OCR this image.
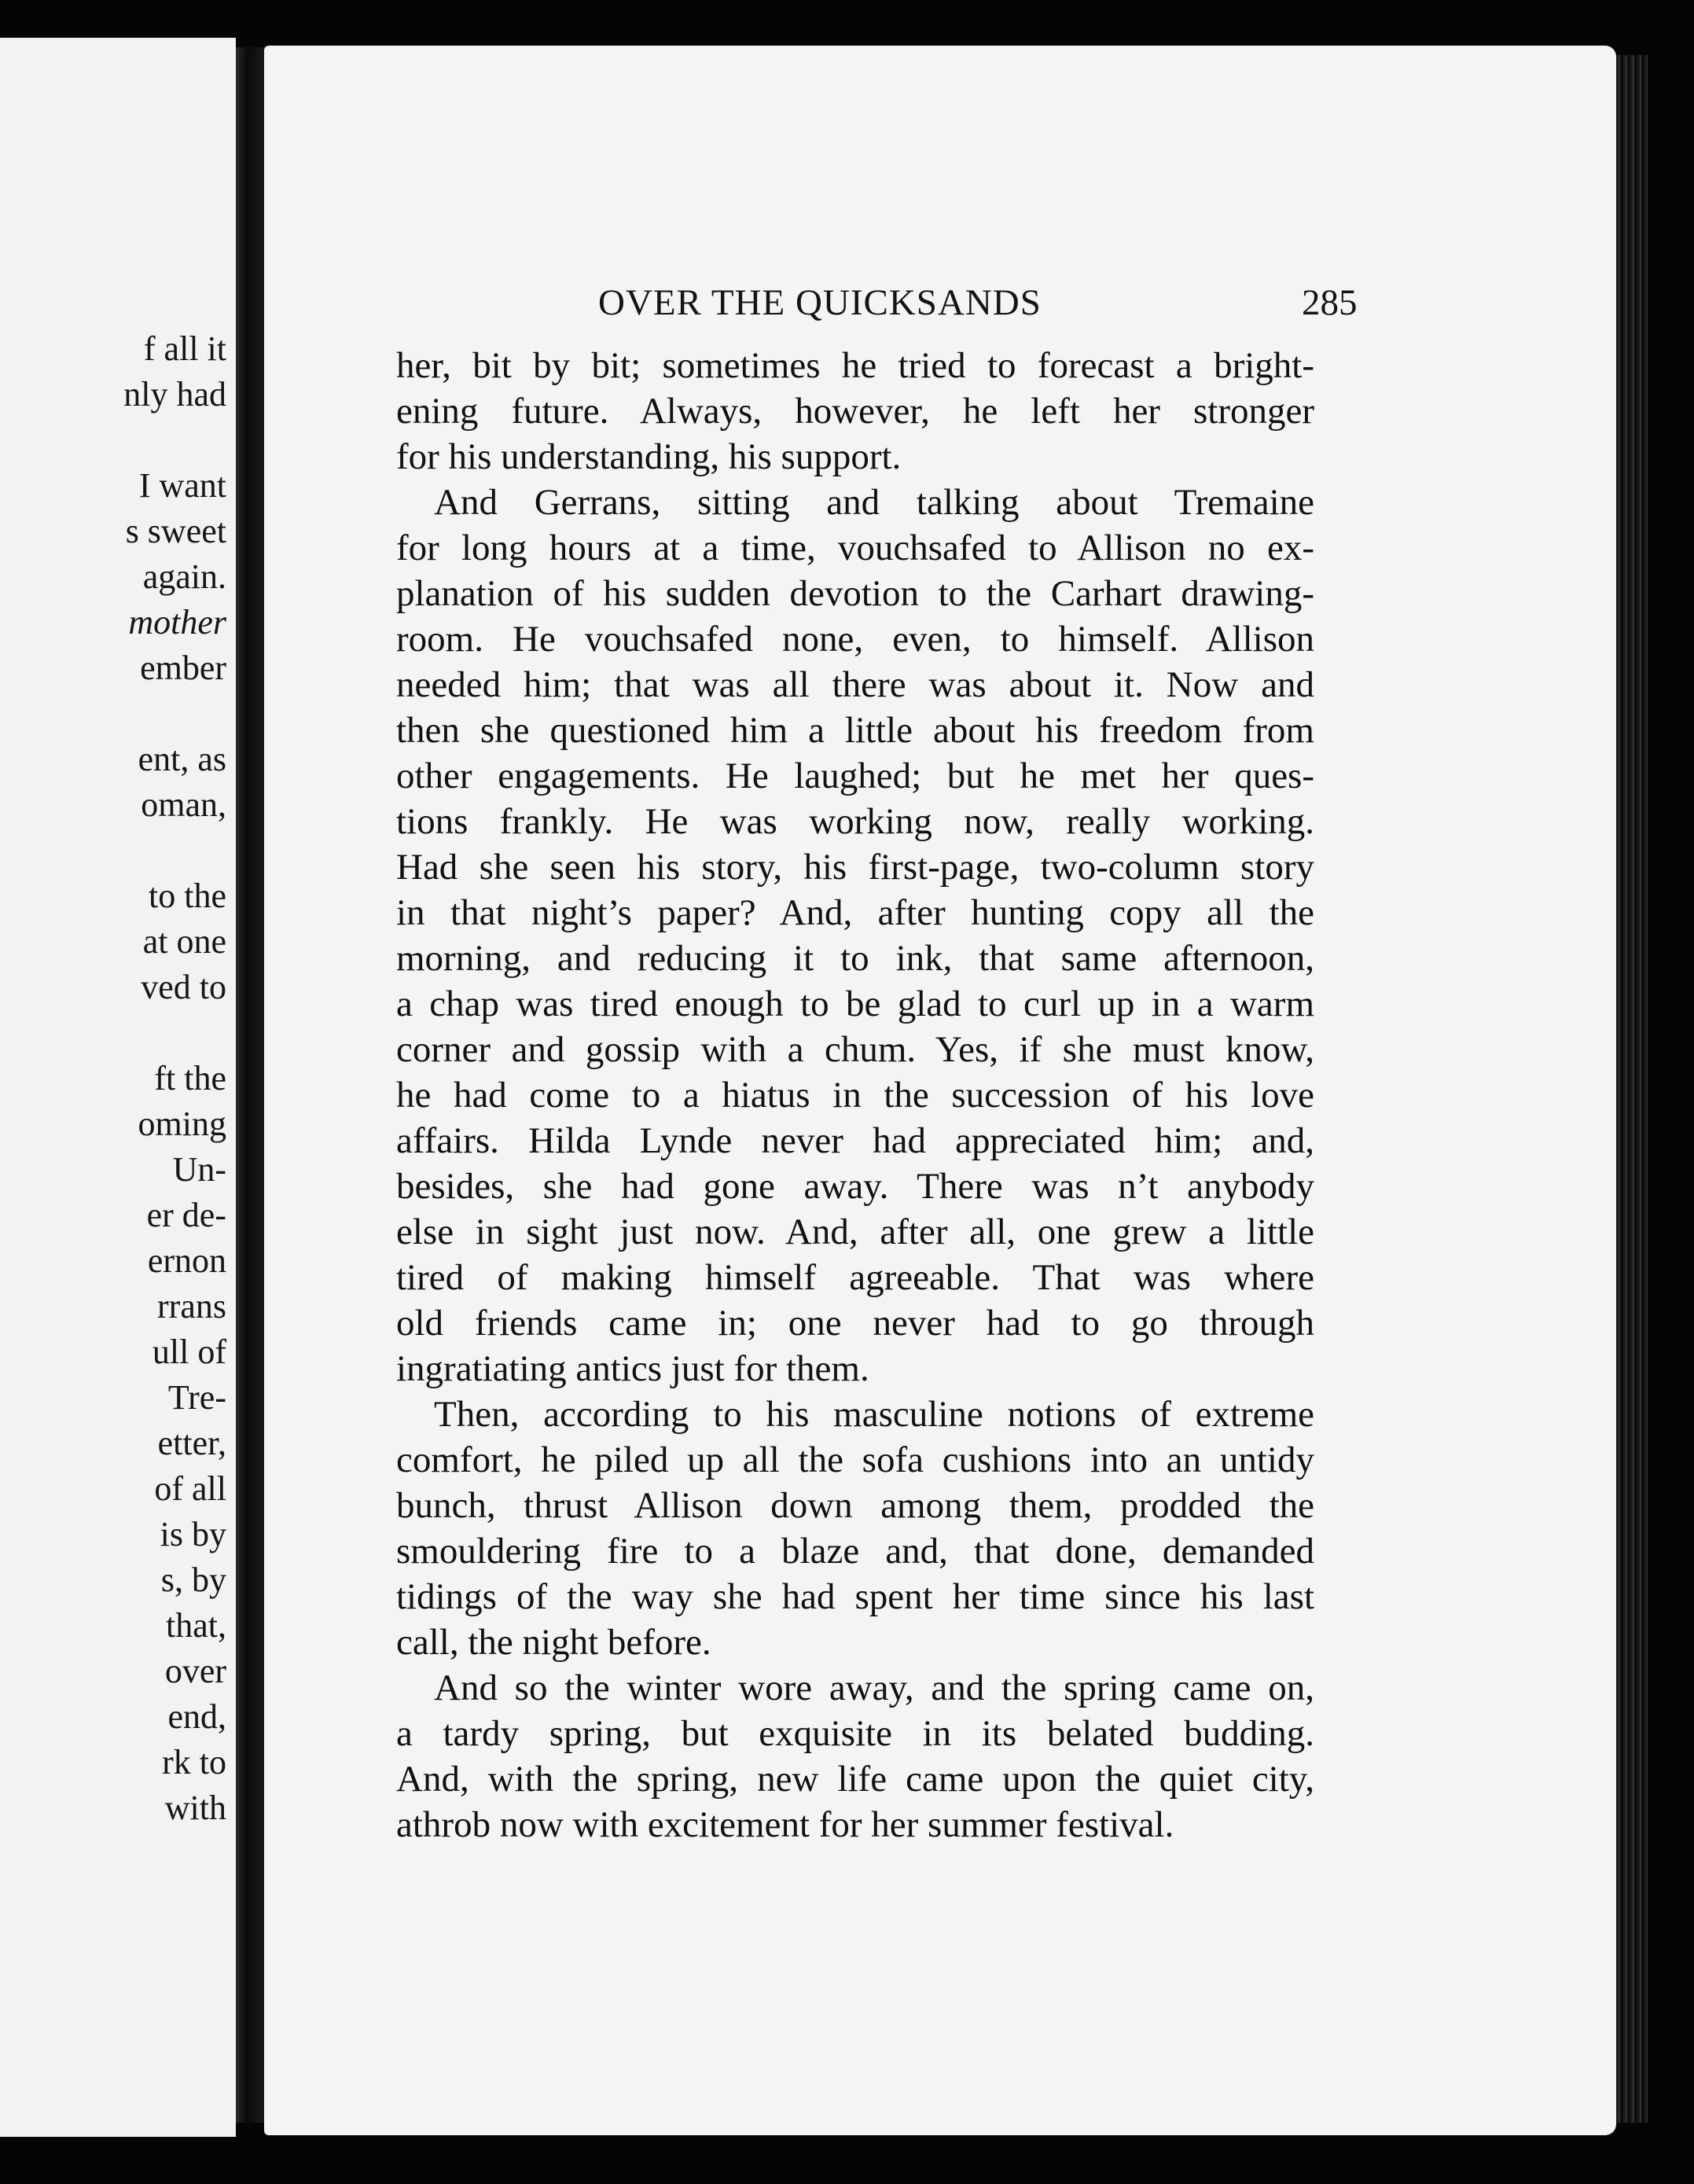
f all it
nly had
I want
s sweet
again.
mother
ember
ent, as
oman,
to the
at one
ved to
ft the
oming
Un-
er de-
ernon
rrans
ull of
Tre-
etter,
of all
is by
s, by
that,
over
end,
rk to
with
OVER THE QUICKSANDS	285
her, bit by bit; sometimes he tried to forecast a bright-
ening future. Always, however, he left her stronger
for his understanding, his support.
And Gerrans, sitting and talking about Tremaine
for long hours at a time, vouchsafed to Allison no ex-
planation of his sudden devotion to the Carhart drawing-
room. He vouchsafed none, even, to himself. Allison
needed him; that was all there was about it. Now and
then she questioned him a little about his freedom from
other engagements. He laughed; but he met her ques-
tions frankly. He was working now, really working.
Had she seen his story, his first-page, two-column story
in that night’s paper? And, after hunting copy all the
morning, and reducing it to ink, that same afternoon,
a chap was tired enough to be glad to curl up in a warm
corner and gossip with a chum. Yes, if she must know,
he had come to a hiatus in the succession of his love
affairs. Hilda Lynde never had appreciated him; and,
besides, she had gone away. There was n’t anybody
else in sight just now. And, after all, one grew a little
tired of making himself agreeable. That was where
old friends came in; one never had to go through
ingratiating antics just for them.
Then, according to his masculine notions of extreme
comfort, he piled up all the sofa cushions into an untidy
bunch, thrust Allison down among them, prodded the
smouldering fire to a blaze and, that done, demanded
tidings of the way she had spent her time since his last
call, the night before.
And so the winter wore away, and the spring came on,
a tardy spring, but exquisite in its belated budding.
And, with the spring, new life came upon the quiet city,
athrob now with excitement for her summer festival.
